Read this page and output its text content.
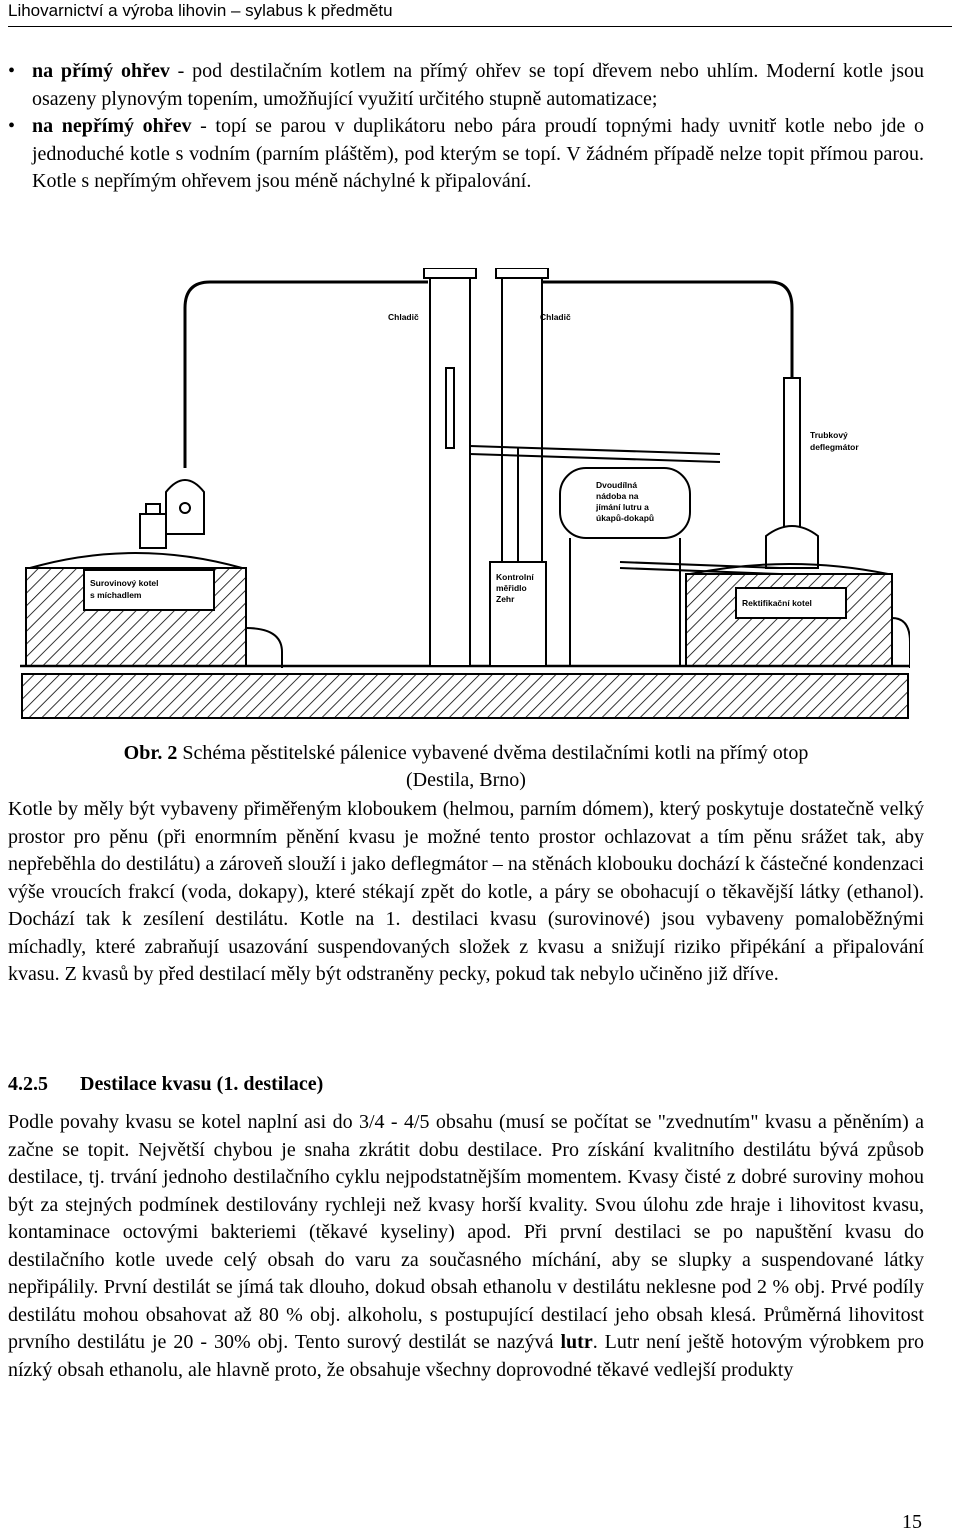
Lihovarnictví a výroba lihovin – sylabus k předmětu
• na přímý ohřev - pod destilačním kotlem na přímý ohřev se topí dřevem nebo uhlím. Moderní kotle jsou osazeny plynovým topením, umožňující využití určitého stupně automatizace;
• na nepřímý ohřev - topí se parou v duplikátoru nebo pára proudí topnými hady uvnitř kotle nebo jde o jednoduché kotle s vodním (parním pláštěm), pod kterým se topí. V žádném případě nelze topit přímou parou. Kotle s nepřímým ohřevem jsou méně náchylné k připalování.
Chladič	Chladič
Trubkový
deflegmátor
Dvoudílná
nádoba na
jímání lutru a
úkapů-dokapů
Surovinový kotel
s míchadlem
Kontrolní
měřidlo
Zehr	Rektifikační kotel
Obr. 2 Schéma pěstitelské pálenice vybavené dvěma destilačními kotli na přímý otop
(Destila, Brno)

Kotle by měly být vybaveny přiměřeným kloboukem (helmou, parním dómem), který poskytuje dostatečně velký prostor pro pěnu (při enormním pěnění kvasu je možné tento prostor ochlazovat a tím pěnu srážet tak, aby nepřeběhla do destilátu) a zároveň slouží i jako deflegmátor – na stěnách klobouku dochází k částečné kondenzaci výše vroucích frakcí (voda, dokapy), které stékají zpět do kotle, a páry se obohacují o těkavější látky (ethanol). Dochází tak k zesílení destilátu. Kotle na 1. destilaci kvasu (surovinové) jsou vybaveny pomaloběžnými míchadly, které zabraňují usazování suspendovaných složek z kvasu a snižují riziko připékání a připalování kvasu. Z kvasů by před destilací měly být odstraněny pecky, pokud tak nebylo učiněno již dříve.

4.2.5 Destilace kvasu (1. destilace)

Podle povahy kvasu se kotel naplní asi do 3/4 - 4/5 obsahu (musí se počítat se "zvednutím" kvasu a pěněním) a začne se topit. Největší chybou je snaha zkrátit dobu destilace. Pro získání kvalitního destilátu bývá způsob destilace, tj. trvání jednoho destilačního cyklu nejpodstatnějším momentem. Kvasy čisté z dobré suroviny mohou být za stejných podmínek destilovány rychleji než kvasy horší kvality. Svou úlohu zde hraje i lihovitost kvasu, kontaminace octovými bakteriemi (těkavé kyseliny) apod. Při první destilaci se po napuštění kvasu do destilačního kotle uvede celý obsah do varu za současného míchání, aby se slupky a suspendované látky nepřipálily. První destilát se jímá tak dlouho, dokud obsah ethanolu v destilátu neklesne pod 2 % obj. Prvé podíly destilátu mohou obsahovat až 80 % obj. alkoholu, s postupující destilací jeho obsah klesá. Průměrná lihovitost prvního destilátu je 20 - 30% obj. Tento surový destilát se nazývá lutr. Lutr není ještě hotovým výrobkem pro nízký obsah ethanolu, ale hlavně proto, že obsahuje všechny doprovodné těkavé vedlejší produkty

15
